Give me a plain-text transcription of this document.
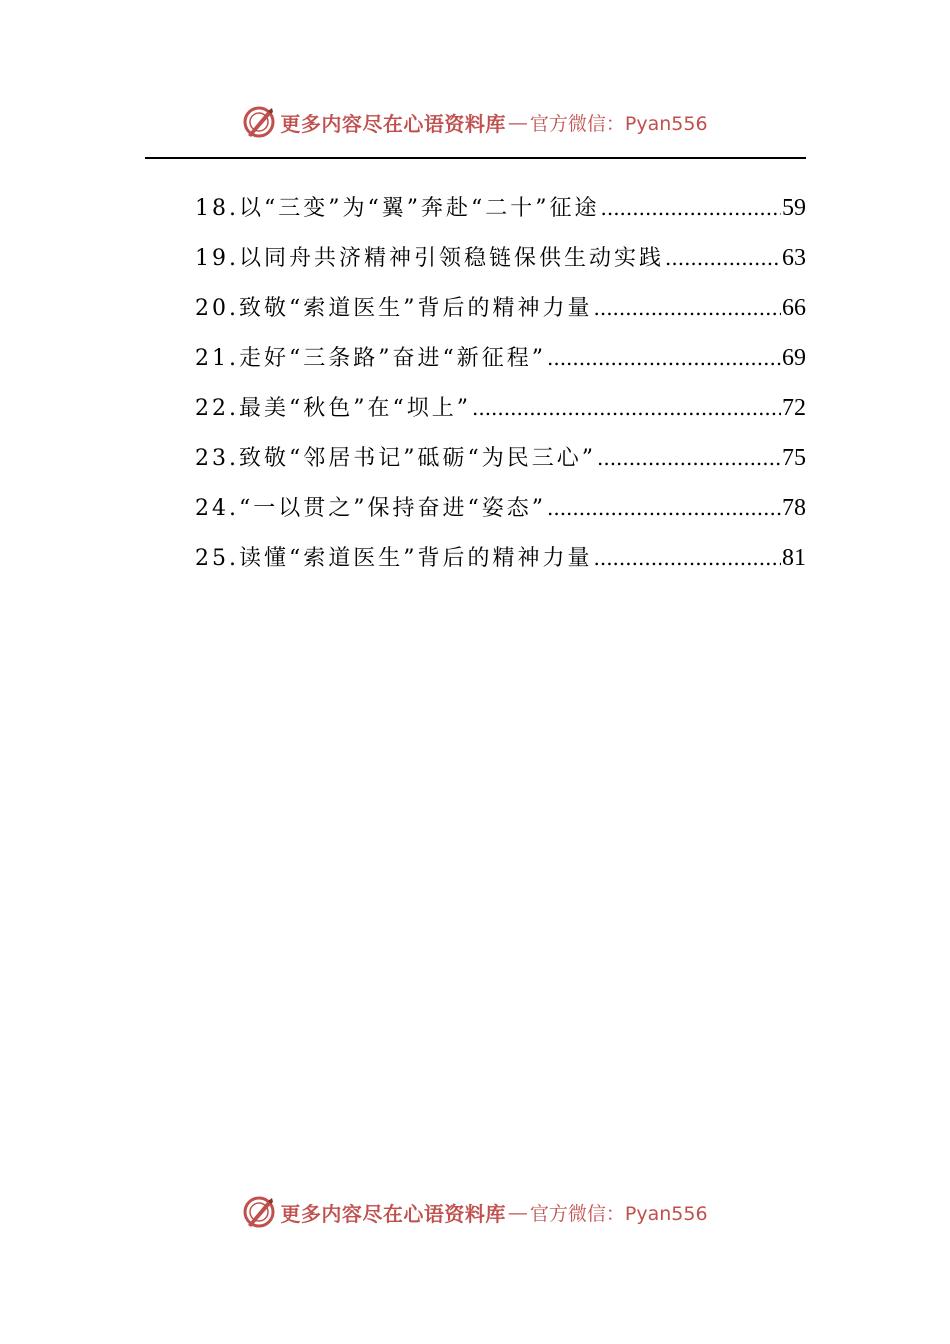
更多内容尽在心语资料库 — 官方微信：Pyan556
18.以“三变”为“翼”奔赴“二十”征途 .....	59
19.以同舟共济精神引领稳链保供生动实践 .....	63
20.致敬“索道医生”背后的精神力量 .....	66
21.走好“三条路”奋进“新征程” .....	69
22.最美“秋色”在“坝上” .....	72
23.致敬“邻居书记”砥砺“为民三心” .....	75
24.“一以贯之”保持奋进“姿态” .....	78
25.读懂“索道医生”背后的精神力量 .....	81
更多内容尽在心语资料库 — 官方微信：Pyan556
